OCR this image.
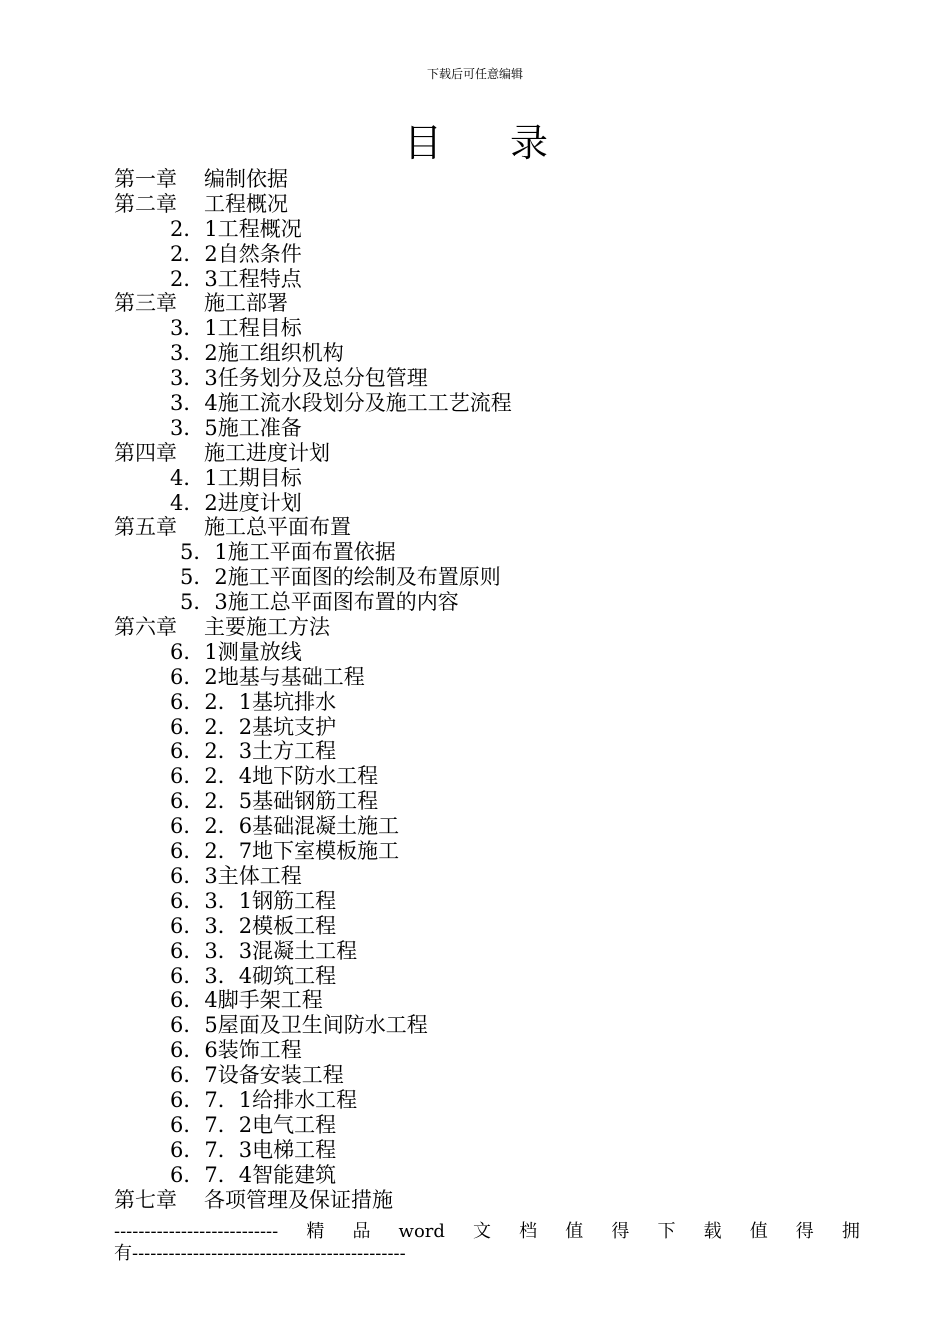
下载后可任意编辑
目 录
第一章 编制依据
第二章 工程概况
2．1工程概况
2．2自然条件
2．3工程特点
第三章 施工部署
3．1工程目标
3．2施工组织机构
3．3任务划分及总分包管理
3．4施工流水段划分及施工工艺流程
3．5施工准备
第四章 施工进度计划
4．1工期目标
4．2进度计划
第五章 施工总平面布置
5．1施工平面布置依据
5．2施工平面图的绘制及布置原则
5．3施工总平面图布置的内容
第六章 主要施工方法
6．1测量放线
6．2地基与基础工程
6．2．1基坑排水
6．2．2基坑支护
6．2．3土方工程
6．2．4地下防水工程
6．2．5基础钢筋工程
6．2．6基础混凝土施工
6．2．7地下室模板施工
6．3主体工程
6．3．1钢筋工程
6．3．2模板工程
6．3．3混凝土工程
6．3．4砌筑工程
6．4脚手架工程
6．5屋面及卫生间防水工程
6．6装饰工程
6．7设备安装工程
6．7．1给排水工程
6．7．2电气工程
6．7．3电梯工程
6．7．4智能建筑
第七章 各项管理及保证措施
--------------------------- 精 品 word 文 档 值 得 下 载 值 得 拥
有---------------------------------------------
